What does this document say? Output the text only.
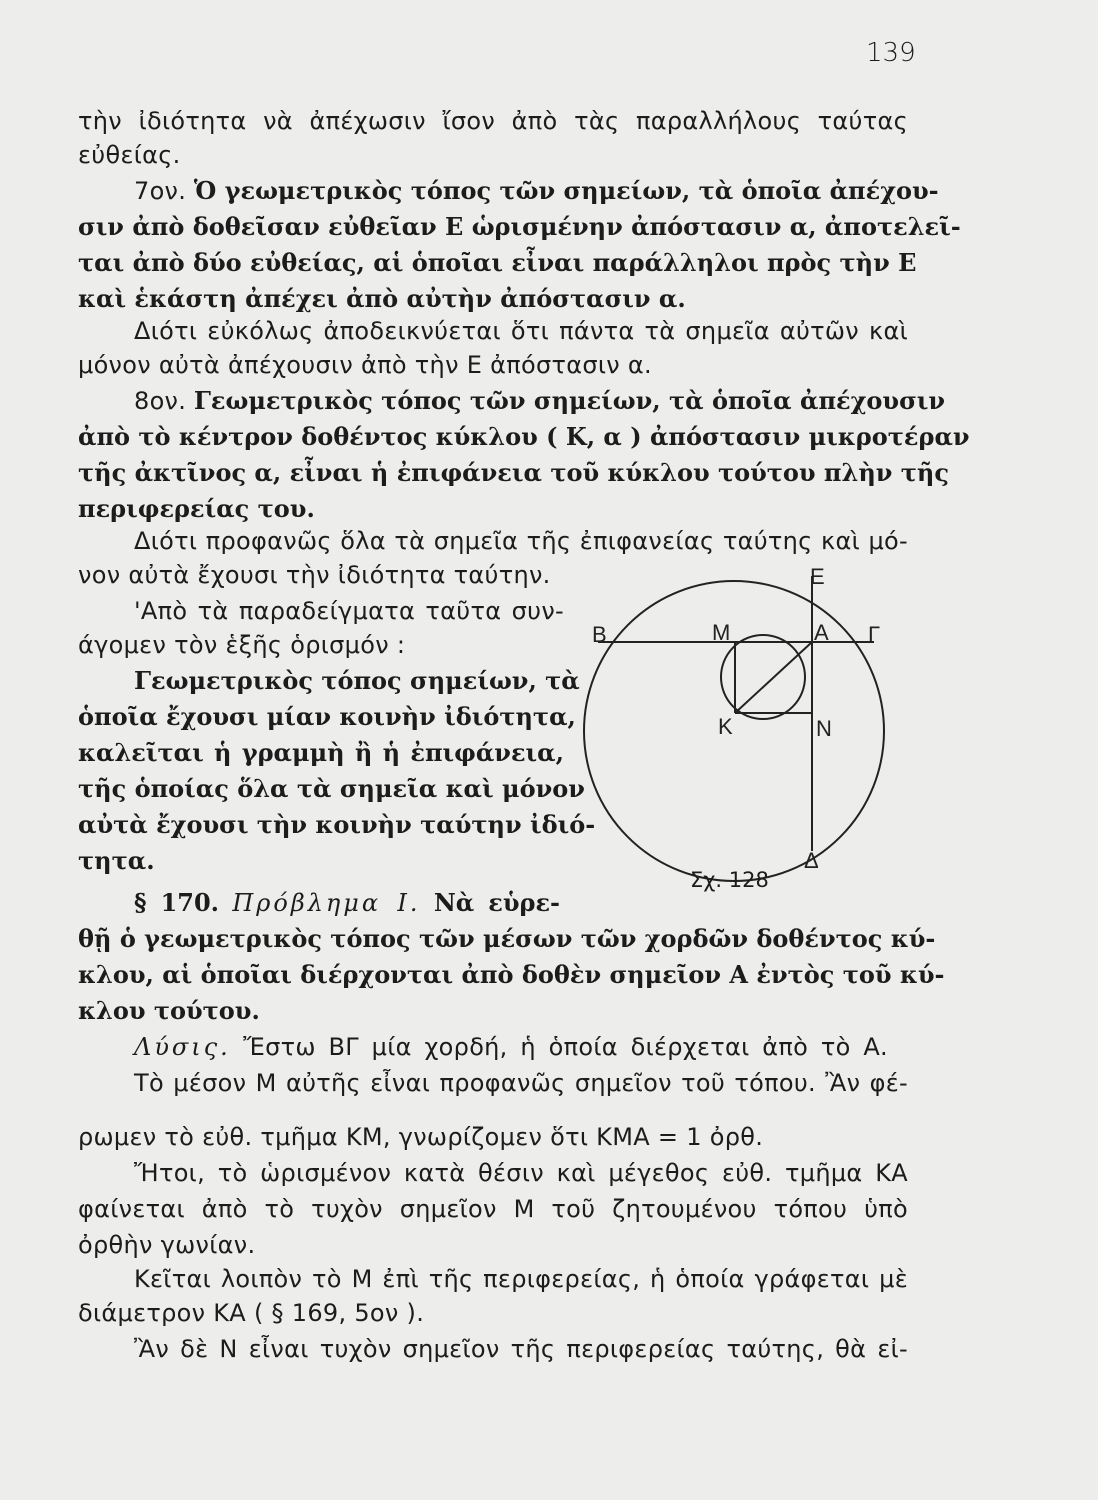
139
τὴν ἰδιότητα νὰ ἀπέχωσιν ἴσον ἀπὸ τὰς παραλλήλους ταύτας
εὐθείας.
7ον. Ὁ γεωμετρικὸς τόπος τῶν σημείων, τὰ ὁποῖα ἀπέχου-
σιν ἀπὸ δοθεῖσαν εὐθεῖαν Ε ὡρισμένην ἀπόστασιν α, ἀποτελεῖ-
ται ἀπὸ δύο εὐθείας, αἱ ὁποῖαι εἶναι παράλληλοι πρὸς τὴν Ε
καὶ ἑκάστη ἀπέχει ἀπὸ αὐτὴν ἀπόστασιν α.
Διότι εὐκόλως ἀποδεικνύεται ὅτι πάντα τὰ σημεῖα αὐτῶν καὶ
μόνον αὐτὰ ἀπέχουσιν ἀπὸ τὴν Ε ἀπόστασιν α.
8ον. Γεωμετρικὸς τόπος τῶν σημείων, τὰ ὁποῖα ἀπέχουσιν
ἀπὸ τὸ κέντρον δοθέντος κύκλου ( Κ, α ) ἀπόστασιν μικροτέραν
τῆς ἀκτῖνος α, εἶναι ἡ ἐπιφάνεια τοῦ κύκλου τούτου πλὴν τῆς
περιφερείας του.
Διότι προφανῶς ὅλα τὰ σημεῖα τῆς ἐπιφανείας ταύτης καὶ μό-
νον αὐτὰ ἔχουσι τὴν ἰδιότητα ταύτην.
'Απὸ τὰ παραδείγματα ταῦτα συν-
άγομεν τὸν ἑξῆς ὁρισμόν :
Γεωμετρικὸς τόπος σημείων, τὰ
ὁποῖα ἔχουσι μίαν κοινὴν ἰδιότητα,
καλεῖται ἡ γραμμὴ ἢ ἡ ἐπιφάνεια,
τῆς ὁποίας ὅλα τὰ σημεῖα καὶ μόνον
αὐτὰ ἔχουσι τὴν κοινὴν ταύτην ἰδιό-
τητα.
Ε
Β	Μ	Α Γ
Κ	Ν
Δ
Σχ. 128
§ 170. Πρόβλημα Ι. Νὰ εὑρε-
θῇ ὁ γεωμετρικὸς τόπος τῶν μέσων τῶν χορδῶν δοθέντος κύ-
κλου, αἱ ὁποῖαι διέρχονται ἀπὸ δοθὲν σημεῖον Α ἐντὸς τοῦ κύ-
κλου τούτου.
Λύσις. Ἔστω ΒΓ μία χορδή, ἡ ὁποία διέρχεται ἀπὸ τὸ Α.
Τὸ μέσον Μ αὐτῆς εἶναι προφανῶς σημεῖον τοῦ τόπου. Ἂν φέ-
ρωμεν τὸ εὐθ. τμῆμα ΚΜ, γνωρίζομεν ὅτι ΚΜΑ = 1 ὀρθ.
Ἤτοι, τὸ ὡρισμένον κατὰ θέσιν καὶ μέγεθος εὐθ. τμῆμα ΚΑ
φαίνεται ἀπὸ τὸ τυχὸν σημεῖον Μ τοῦ ζητουμένου τόπου ὑπὸ
ὀρθὴν γωνίαν.
Κεῖται λοιπὸν τὸ Μ ἐπὶ τῆς περιφερείας, ἡ ὁποία γράφεται μὲ
διάμετρον ΚΑ ( § 169, 5ον ).
Ἂν δὲ Ν εἶναι τυχὸν σημεῖον τῆς περιφερείας ταύτης, θὰ εἰ-
